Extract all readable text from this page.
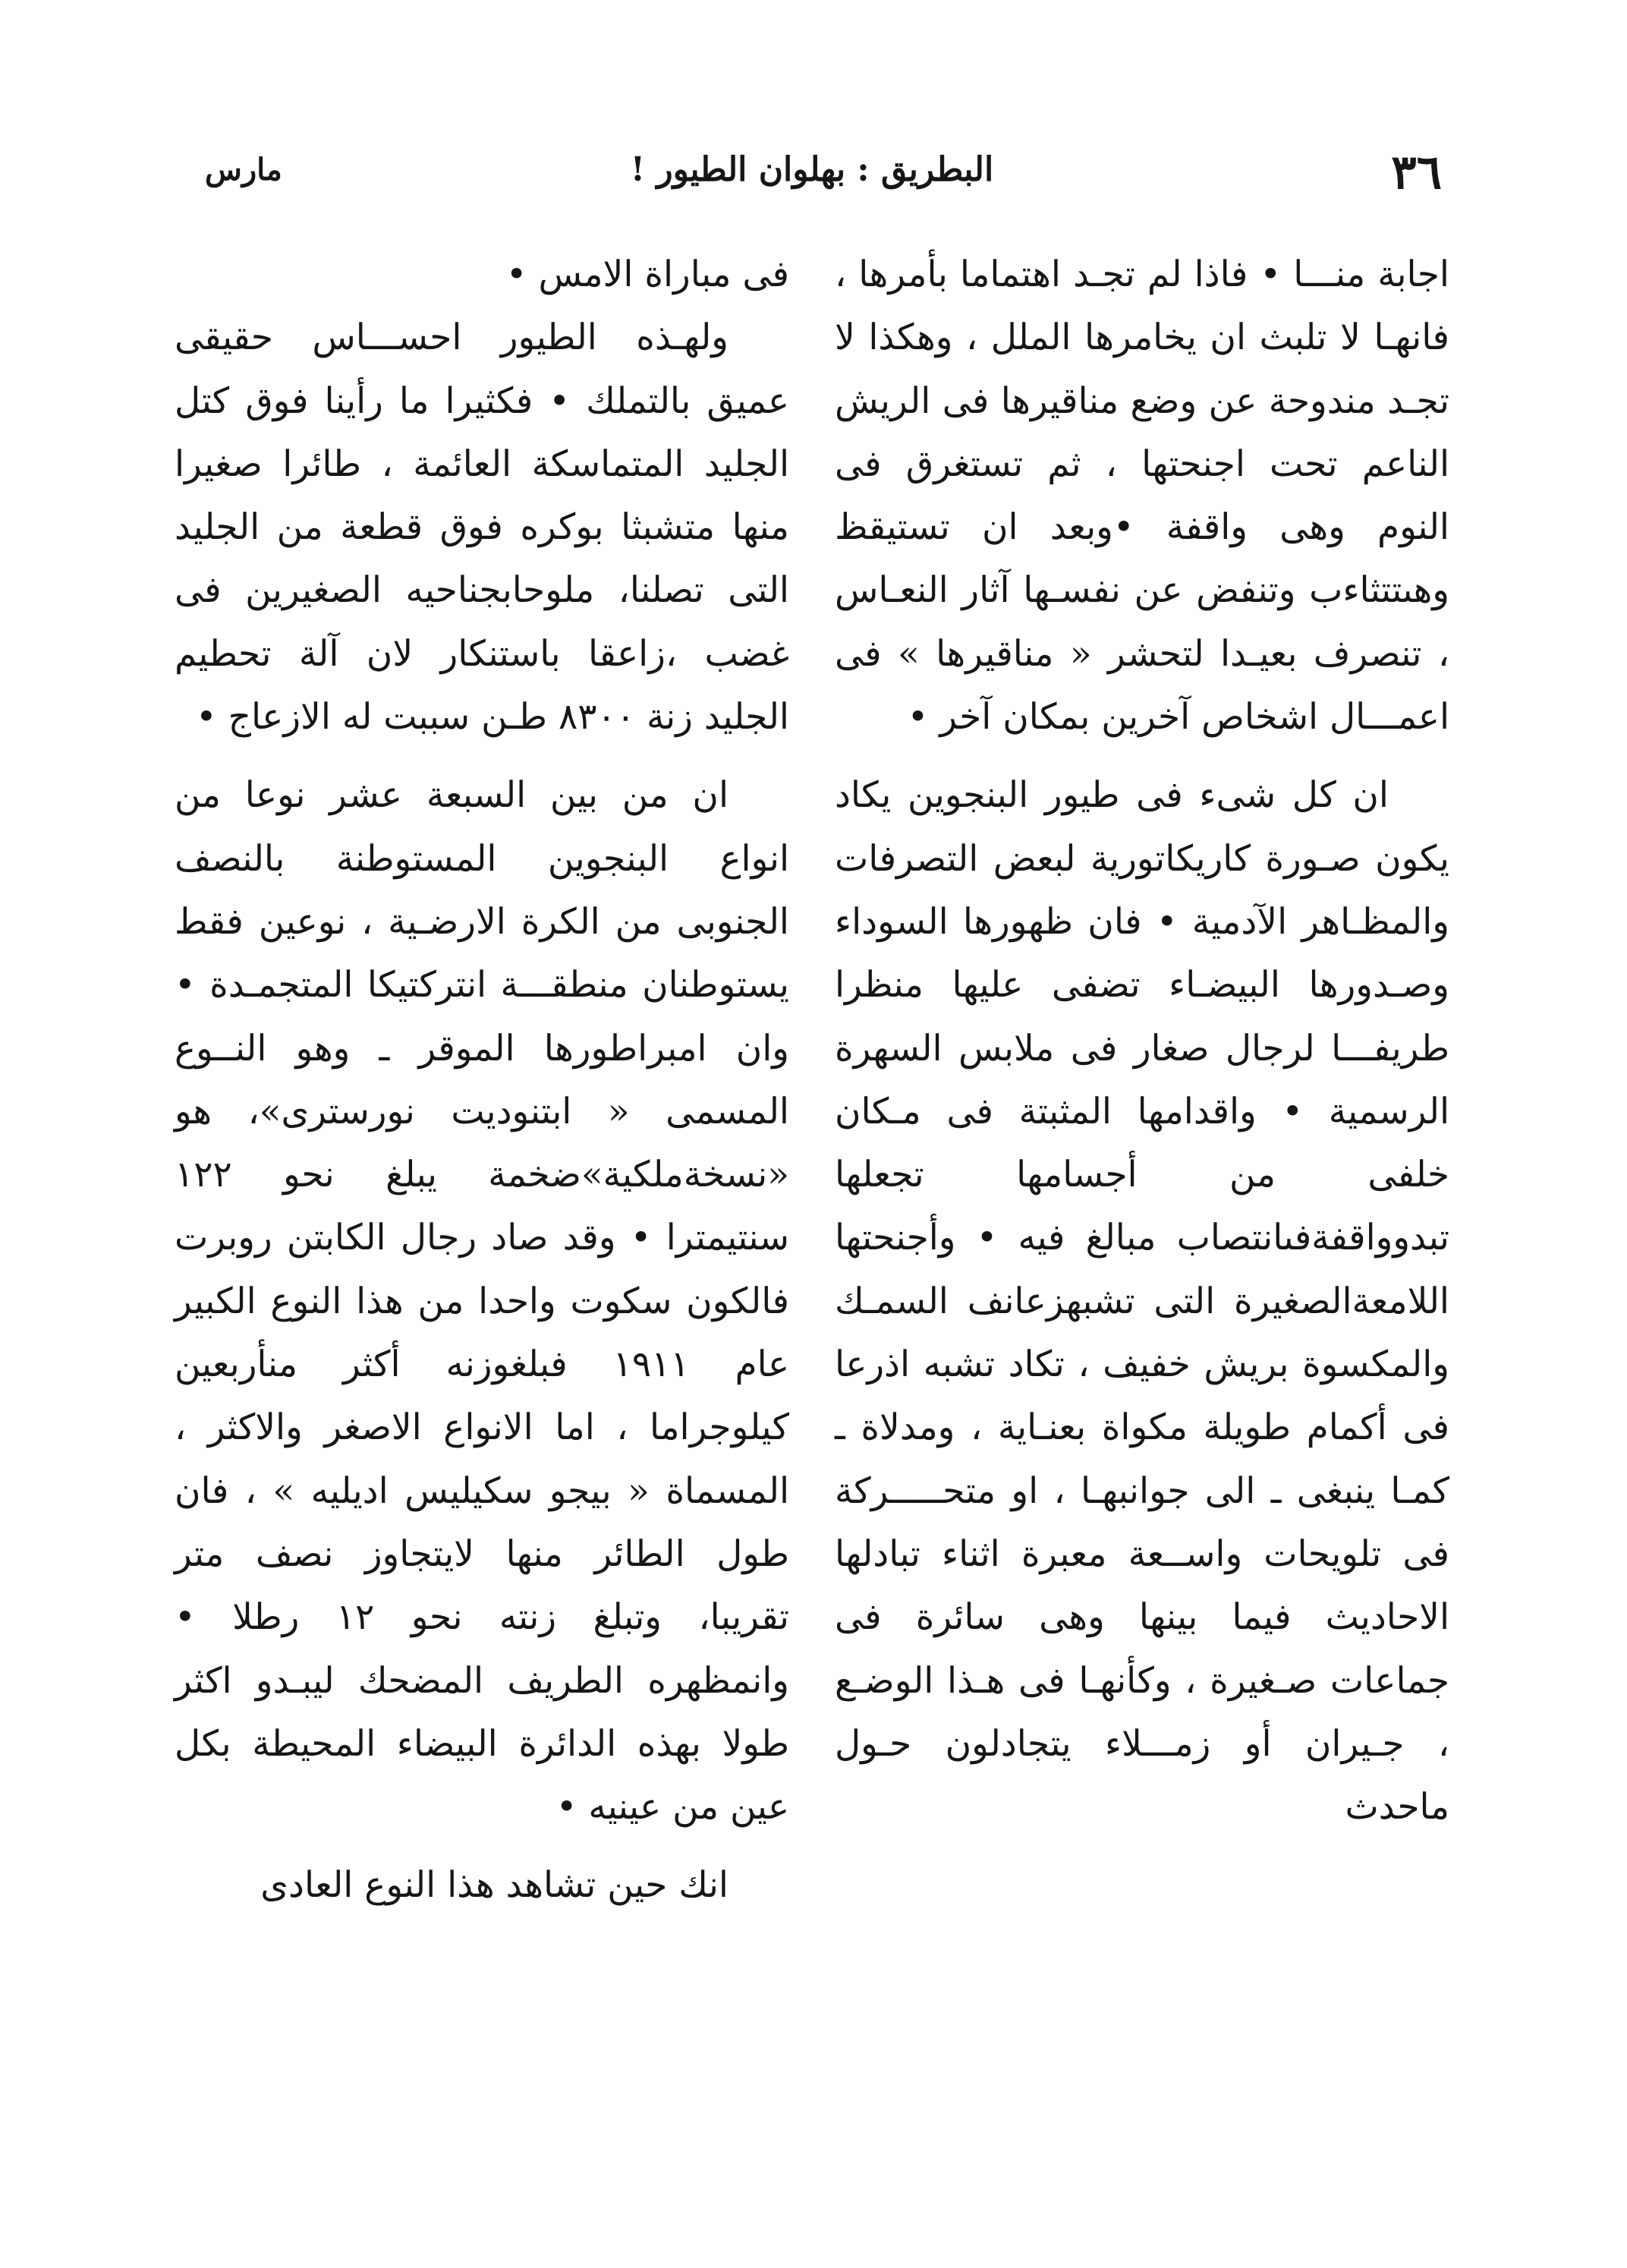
٣٦
البطريق : بهلوان الطيور !
مارس

اجابة منـــا • فاذا لم تجـد اهتماما بأمرها ، فانهـا لا تلبث ان يخامرها الملل ، وهكذا لا تجـد مندوحة عن وضع مناقيرها فى الريش الناعم تحت اجنحتها ، ثم تستغرق فى النوم وهى واقفة •وبعد ان تستيقظ وهىتتثاءب وتنفض عن نفسـها آثار النعـاس ، تنصرف بعيـدا لتحشر « مناقيرها » فى اعمـــال اشخاص آخرين بمكان آخر •

ان كل شىء فى طيور البنجوين يكاد يكون صـورة كاريكاتورية لبعض التصرفات والمظـاهر الآدمية • فان ظهورها السوداء وصـدورها البيضـاء تضفى عليها منظرا طريفـــا لرجال صغار فى ملابس السهرة الرسمية • واقدامها المثبتة فى مـكان خلفى من أجسامها تجعلها تبدوواقفةفىانتصاب مبالغ فيه • وأجنحتها اللامعةالصغيرة التى تشبهزعانف السمـك والمكسوة بريش خفيف ، تكاد تشبه اذرعا فى أكمام طويلة مكواة بعنـاية ، ومدلاة ـ كمـا ينبغى ـ الى جوانبهـا ، او متحـــــركة فى تلويحات واســعة معبرة اثناء تبادلها الاحاديث فيما بينها وهى سائرة فى جماعات صـغيرة ، وكأنهـا فى هـذا الوضـع ، جـيران أو زمـــلاء يتجادلون حـول ماحدث

فى مباراة الامس •

ولهـذه الطيور احســـاس حقيقى عميق بالتملك • فكثيرا ما رأينا فوق كتل الجليد المتماسكة العائمة ، طائرا صغيرا منها متشبثا بوكره فوق قطعة من الجليد التى تصلنا، ملوحابجناحيه الصغيرين فى غضب ،زاعقا باستنكار لان آلة تحطيم الجليد زنة ٨٣٠٠ طـن سببت له الازعاج •

ان من بين السبعة عشر نوعا من انواع البنجوين المستوطنة بالنصف الجنوبى من الكرة الارضـية ، نوعين فقط يستوطنان منطقـــة انتركتيكا المتجمـدة • وان امبراطورها الموقر ـ وهو النــوع المسمى « ابتنوديت نورسترى»، هو «نسخةملكية»ضخمة يبلغ نحو ١٢٢ سنتيمترا • وقد صاد رجال الكابتن روبرت فالكون سكوت واحدا من هذا النوع الكبير عام ١٩١١ فبلغوزنه أكثر منأربعين كيلوجراما ، اما الانواع الاصغر والاكثر ، المسماة « بيجو سكيليس اديليه » ، فان طول الطائر منها لايتجاوز نصف متر تقريبا، وتبلغ زنته نحو ١٢ رطلا • وانمظهره الطريف المضحك ليبـدو اكثر طولا بهذه الدائرة البيضاء المحيطة بكل عين من عينيه •

انك حين تشاهد هذا النوع العادى
